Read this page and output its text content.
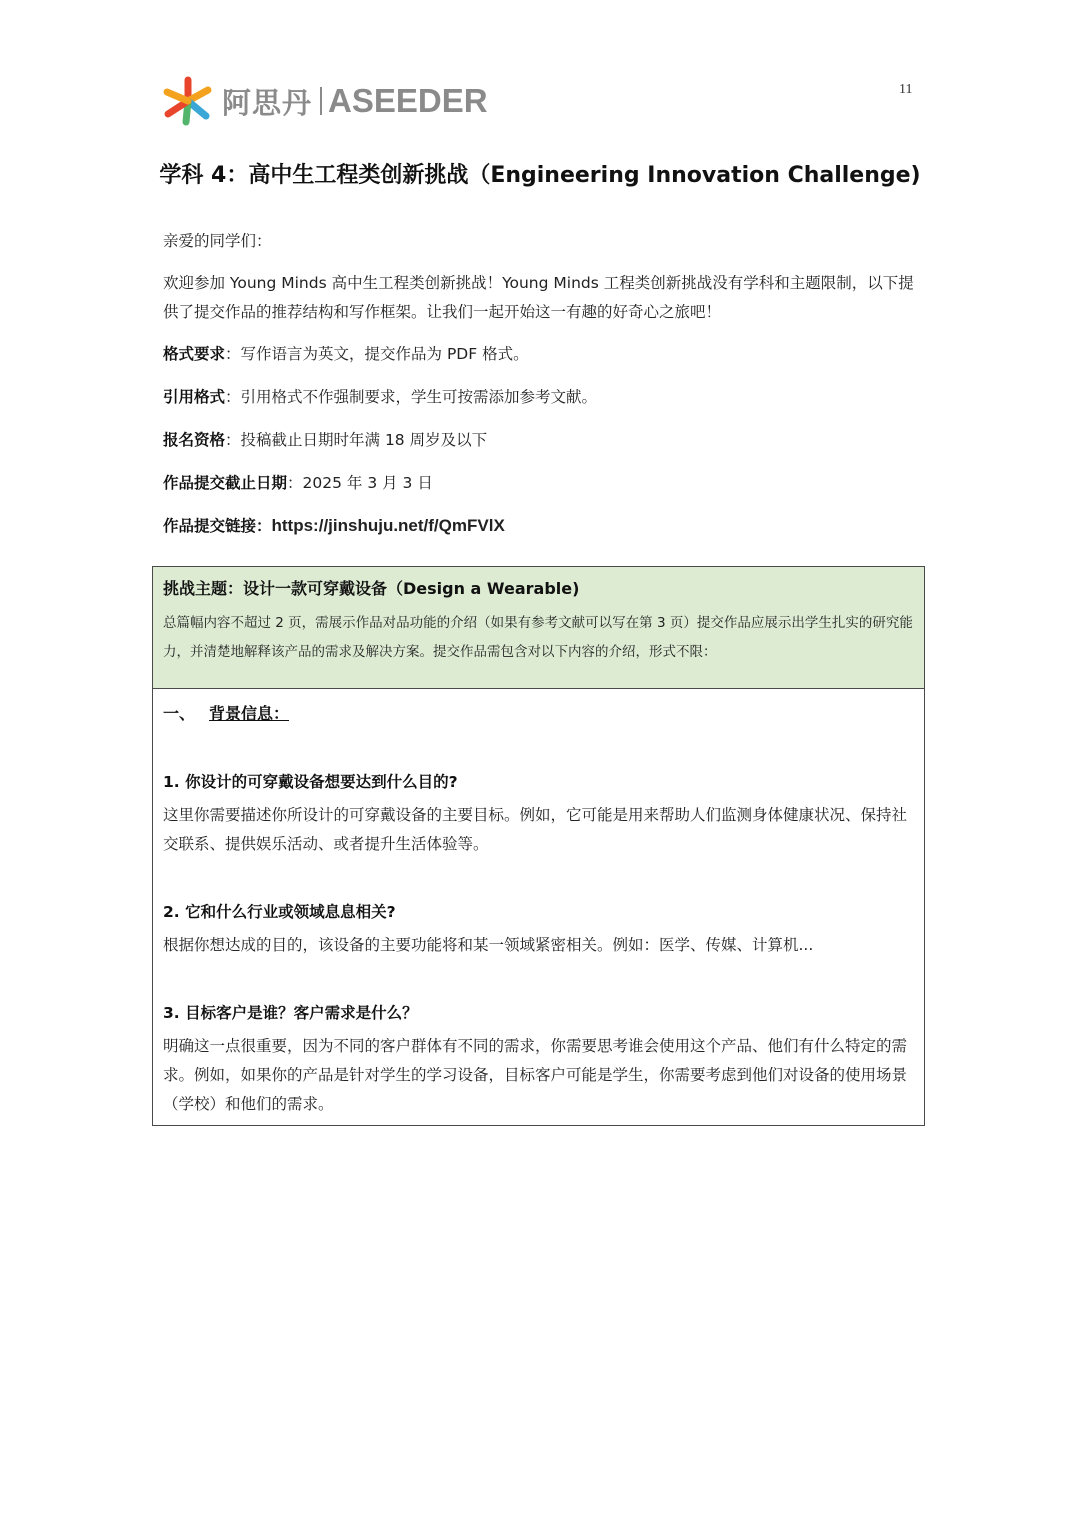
阿思丹 ASEEDER	11
学科 4：高中生工程类创新挑战（Engineering Innovation Challenge)
亲爱的同学们：
欢迎参加 Young Minds 高中生工程类创新挑战！Young Minds 工程类创新挑战没有学科和主题限制，以下提供了提交作品的推荐结构和写作框架。让我们一起开始这一有趣的好奇心之旅吧！
格式要求：写作语言为英文，提交作品为 PDF 格式。
引用格式：引用格式不作强制要求，学生可按需添加参考文献。
报名资格：投稿截止日期时年满 18 周岁及以下
作品提交截止日期：2025 年 3 月 3 日
作品提交链接：https://jinshuju.net/f/QmFVlX
挑战主题：设计一款可穿戴设备（Design a Wearable)
总篇幅内容不超过 2 页，需展示作品对品功能的介绍（如果有参考文献可以写在第 3 页）提交作品应展示出学生扎实的研究能力，并清楚地解释该产品的需求及解决方案。提交作品需包含对以下内容的介绍，形式不限：
一、 背景信息：
1. 你设计的可穿戴设备想要达到什么目的?
这里你需要描述你所设计的可穿戴设备的主要目标。例如，它可能是用来帮助人们监测身体健康状况、保持社交联系、提供娱乐活动、或者提升生活体验等。
2. 它和什么行业或领域息息相关?
根据你想达成的目的，该设备的主要功能将和某一领域紧密相关。例如：医学、传媒、计算机...
3. 目标客户是谁？客户需求是什么？
明确这一点很重要，因为不同的客户群体有不同的需求，你需要思考谁会使用这个产品、他们有什么特定的需求。例如，如果你的产品是针对学生的学习设备，目标客户可能是学生，你需要考虑到他们对设备的使用场景（学校）和他们的需求。
